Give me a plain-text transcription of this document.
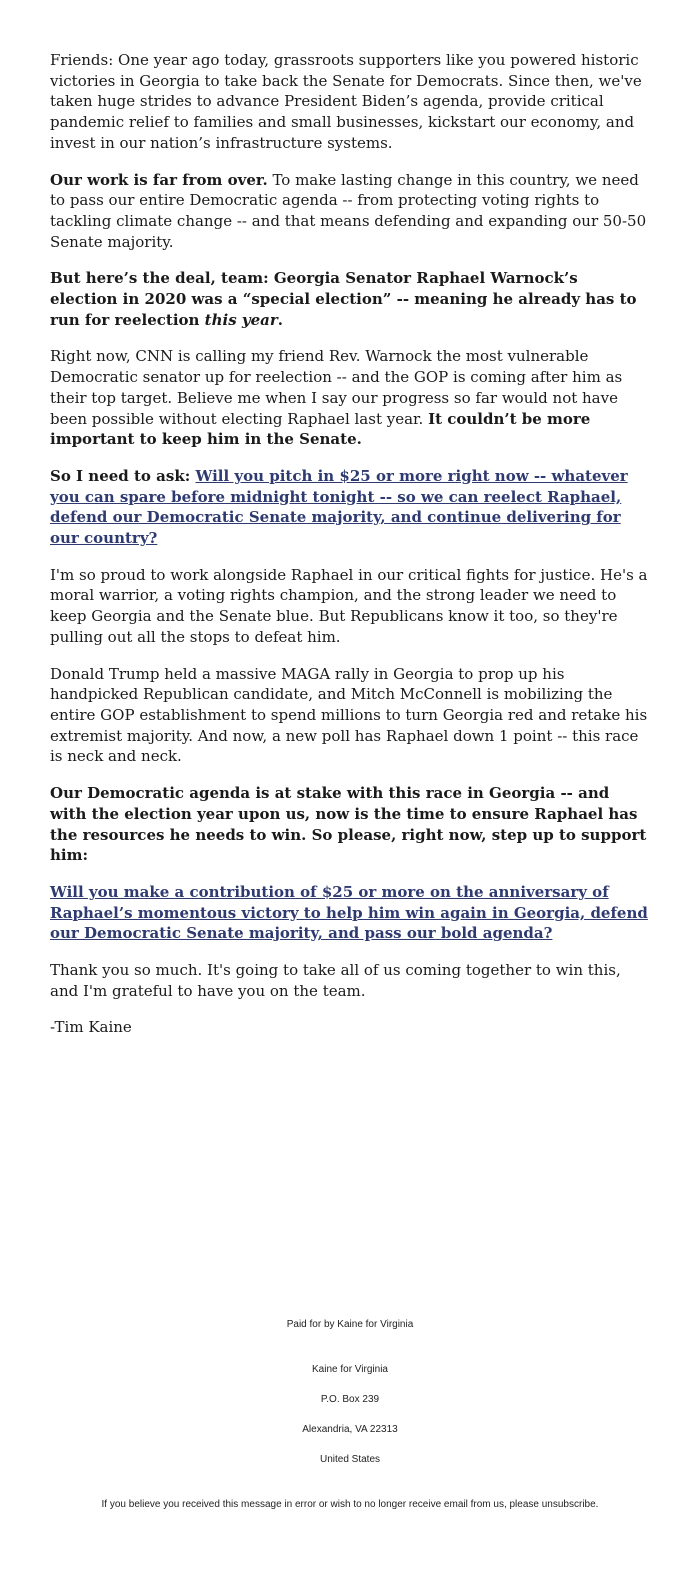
Friends: One year ago today, grassroots supporters like you powered historic victories in Georgia to take back the Senate for Democrats. Since then, we've taken huge strides to advance President Biden’s agenda, provide critical pandemic relief to families and small businesses, kickstart our economy, and invest in our nation’s infrastructure systems.

Our work is far from over. To make lasting change in this country, we need to pass our entire Democratic agenda -- from protecting voting rights to tackling climate change -- and that means defending and expanding our 50-50 Senate majority.

But here’s the deal, team: Georgia Senator Raphael Warnock’s election in 2020 was a “special election” -- meaning he already has to run for reelection this year.

Right now, CNN is calling my friend Rev. Warnock the most vulnerable Democratic senator up for reelection -- and the GOP is coming after him as their top target. Believe me when I say our progress so far would not have been possible without electing Raphael last year. It couldn’t be more important to keep him in the Senate.

So I need to ask: Will you pitch in $25 or more right now -- whatever you can spare before midnight tonight -- so we can reelect Raphael, defend our Democratic Senate majority, and continue delivering for our country?

I'm so proud to work alongside Raphael in our critical fights for justice. He's a moral warrior, a voting rights champion, and the strong leader we need to keep Georgia and the Senate blue. But Republicans know it too, so they're pulling out all the stops to defeat him.

Donald Trump held a massive MAGA rally in Georgia to prop up his handpicked Republican candidate, and Mitch McConnell is mobilizing the entire GOP establishment to spend millions to turn Georgia red and retake his extremist majority. And now, a new poll has Raphael down 1 point -- this race is neck and neck.

Our Democratic agenda is at stake with this race in Georgia -- and with the election year upon us, now is the time to ensure Raphael has the resources he needs to win. So please, right now, step up to support him:

Will you make a contribution of $25 or more on the anniversary of Raphael’s momentous victory to help him win again in Georgia, defend our Democratic Senate majority, and pass our bold agenda?

Thank you so much. It's going to take all of us coming together to win this, and I'm grateful to have you on the team.

-Tim Kaine

Paid for by Kaine for Virginia
Kaine for Virginia
P.O. Box 239
Alexandria, VA 22313
United States
If you believe you received this message in error or wish to no longer receive email from us, please unsubscribe.
